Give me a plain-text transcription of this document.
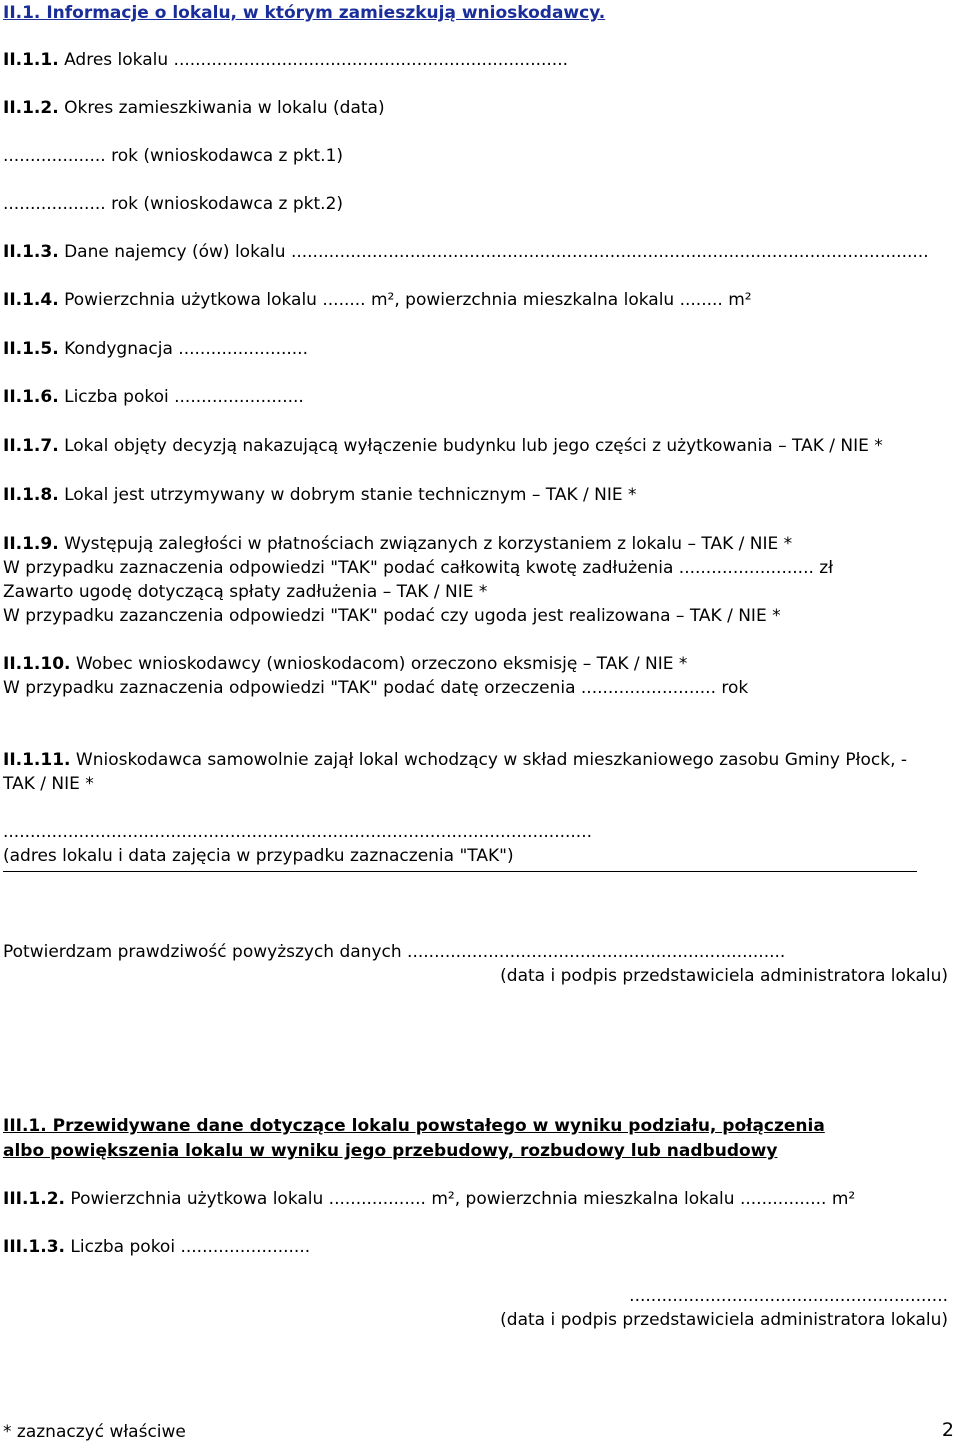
II.1. Informacje o lokalu, w którym zamieszkują wnioskodawcy.
II.1.1. Adres lokalu .........................................................................
II.1.2. Okres zamieszkiwania w lokalu (data)
................... rok (wnioskodawca z pkt.1)
................... rok (wnioskodawca z pkt.2)
II.1.3. Dane najemcy (ów) lokalu ......................................................................................................................
II.1.4. Powierzchnia użytkowa lokalu ........ m², powierzchnia mieszkalna lokalu ........ m²
II.1.5. Kondygnacja ........................
II.1.6. Liczba pokoi ........................
II.1.7. Lokal objęty decyzją nakazującą wyłączenie budynku lub jego części z użytkowania – TAK / NIE *
II.1.8. Lokal jest utrzymywany w dobrym stanie technicznym – TAK / NIE *
II.1.9. Występują zaległości w płatnościach związanych z korzystaniem z lokalu – TAK / NIE *
W przypadku zaznaczenia odpowiedzi "TAK" podać całkowitą kwotę zadłużenia ......................... zł
Zawarto ugodę dotyczącą spłaty zadłużenia – TAK / NIE *
W przypadku zazanczenia odpowiedzi "TAK" podać czy ugoda jest realizowana – TAK / NIE *
II.1.10. Wobec wnioskodawcy (wnioskodacom) orzeczono eksmisję – TAK / NIE *
W przypadku zaznaczenia odpowiedzi "TAK" podać datę orzeczenia ......................... rok
II.1.11. Wnioskodawca samowolnie zajął lokal wchodzący w skład mieszkaniowego zasobu Gminy Płock, -
TAK / NIE *
.............................................................................................................
(adres lokalu i data zajęcia w przypadku zaznaczenia "TAK")
Potwierdzam prawdziwość powyższych danych ......................................................................
(data i podpis przedstawiciela administratora lokalu)
III.1. Przewidywane dane dotyczące lokalu powstałego w wyniku podziału, połączenia
albo powiększenia lokalu w wyniku jego przebudowy, rozbudowy lub nadbudowy
III.1.2. Powierzchnia użytkowa lokalu .................. m², powierzchnia mieszkalna lokalu ................ m²
III.1.3. Liczba pokoi ........................
...........................................................
(data i podpis przedstawiciela administratora lokalu)
* zaznaczyć właściwe	2
